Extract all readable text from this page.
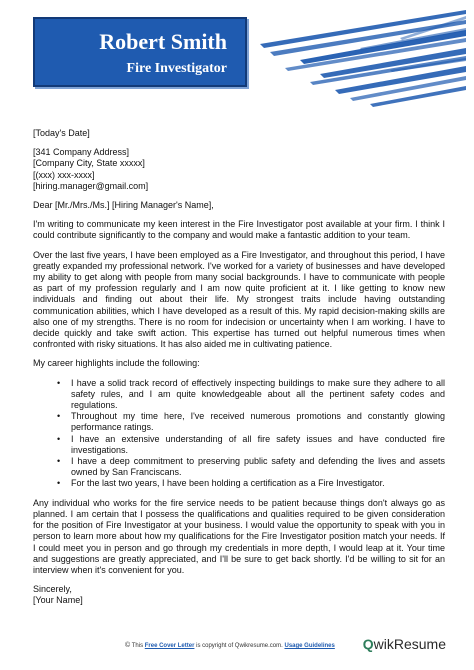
Robert Smith
Fire Investigator
[Today's Date]
[341 Company Address]
[Company City, State xxxxx]
[(xxx) xxx-xxxx]
[hiring.manager@gmail.com]
Dear [Mr./Mrs./Ms.] [Hiring Manager's Name],
I'm writing to communicate my keen interest in the Fire Investigator post available at your firm. I think I could contribute significantly to the company and would make a fantastic addition to your team.
Over the last five years, I have been employed as a Fire Investigator, and throughout this period, I have greatly expanded my professional network. I've worked for a variety of businesses and have developed my ability to get along with people from many social backgrounds. I have to communicate with people as part of my profession regularly and I am now quite proficient at it. I like getting to know new individuals and finding out about their life. My strongest traits include having outstanding communication abilities, which I have developed as a result of this. My rapid decision-making skills are also one of my strengths. There is no room for indecision or uncertainty when I am working. I have to decide quickly and take swift action. This expertise has turned out helpful numerous times when confronted with risky situations. It has also aided me in cultivating patience.
My career highlights include the following:
• I have a solid track record of effectively inspecting buildings to make sure they adhere to all safety rules, and I am quite knowledgeable about all the pertinent safety codes and regulations.
• Throughout my time here, I've received numerous promotions and constantly glowing performance ratings.
• I have an extensive understanding of all fire safety issues and have conducted fire investigations.
• I have a deep commitment to preserving public safety and defending the lives and assets owned by San Franciscans.
• For the last two years, I have been holding a certification as a Fire Investigator.
Any individual who works for the fire service needs to be patient because things don't always go as planned. I am certain that I possess the qualifications and qualities required to be given consideration for the position of Fire Investigator at your business. I would value the opportunity to speak with you in person to learn more about how my qualifications for the Fire Investigator position match your needs. If I could meet you in person and go through my credentials in more depth, I would leap at it. Your time and suggestions are greatly appreciated, and I'll be sure to get back shortly. I'd be willing to sit for an interview when it's convenient for you.
Sincerely,
[Your Name]
© This Free Cover Letter is copyright of Qwikresume.com. Usage Guidelines QwikResume
